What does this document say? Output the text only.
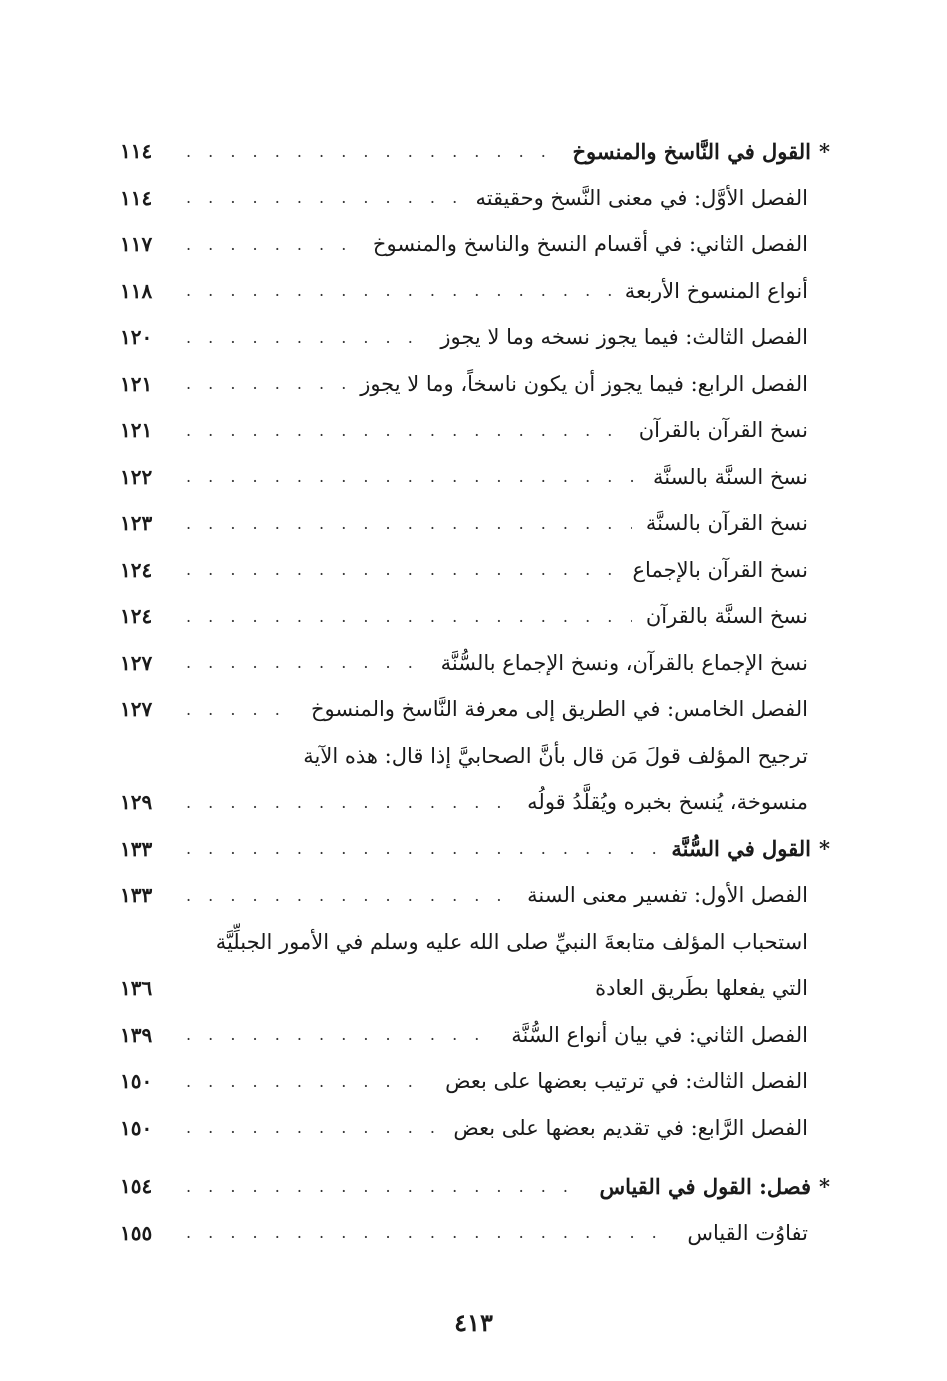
*
القول في النَّاسخ والمنسوخ
. . .
١١٤
الفصل الأوَّل: في معنى النَّسخ وحقيقته
. . .
١١٤
الفصل الثاني: في أقسام النسخ والناسخ والمنسوخ
. . .
١١٧
أنواع المنسوخ الأربعة
. . .
١١٨
الفصل الثالث: فيما يجوز نسخه وما لا يجوز
. . .
١٢٠
الفصل الرابع: فيما يجوز أن يكون ناسخاً، وما لا يجوز
. . .
١٢١
نسخ القرآن بالقرآن
. . .
١٢١
نسخ السنَّة بالسنَّة
. . .
١٢٢
نسخ القرآن بالسنَّة
. . .
١٢٣
نسخ القرآن بالإجماع
. . .
١٢٤
نسخ السنَّة بالقرآن
. . .
١٢٤
نسخ الإجماع بالقرآن، ونسخ الإجماع بالسُّنَّة
. . .
١٢٧
الفصل الخامس: في الطريق إلى معرفة النَّاسخ والمنسوخ
. . .
١٢٧
ترجيح المؤلف قولَ مَن قال بأنَّ الصحابيَّ إذا قال: هذه الآية
منسوخة، يُنسخ بخبره ويُقلَّدُ قولُه
. . .
١٢٩
*
القول في السُّنَّة
. . .
١٣٣
الفصل الأول: تفسير معنى السنة
. . .
١٣٣
استحباب المؤلف متابعةَ النبيِّ صلى الله عليه وسلم في الأمور الجبلِّيَّة
التي يفعلها بطَريق العادة
١٣٦
الفصل الثاني: في بيان أنواع السُّنَّة
. . .
١٣٩
الفصل الثالث: في ترتيب بعضها على بعض
. . .
١٥٠
الفصل الرَّابع: في تقديم بعضها على بعض
. . .
١٥٠
*
فصل: القول في القياس
. . .
١٥٤
تفاوُت القياس
. . .
١٥٥
٤١٣
